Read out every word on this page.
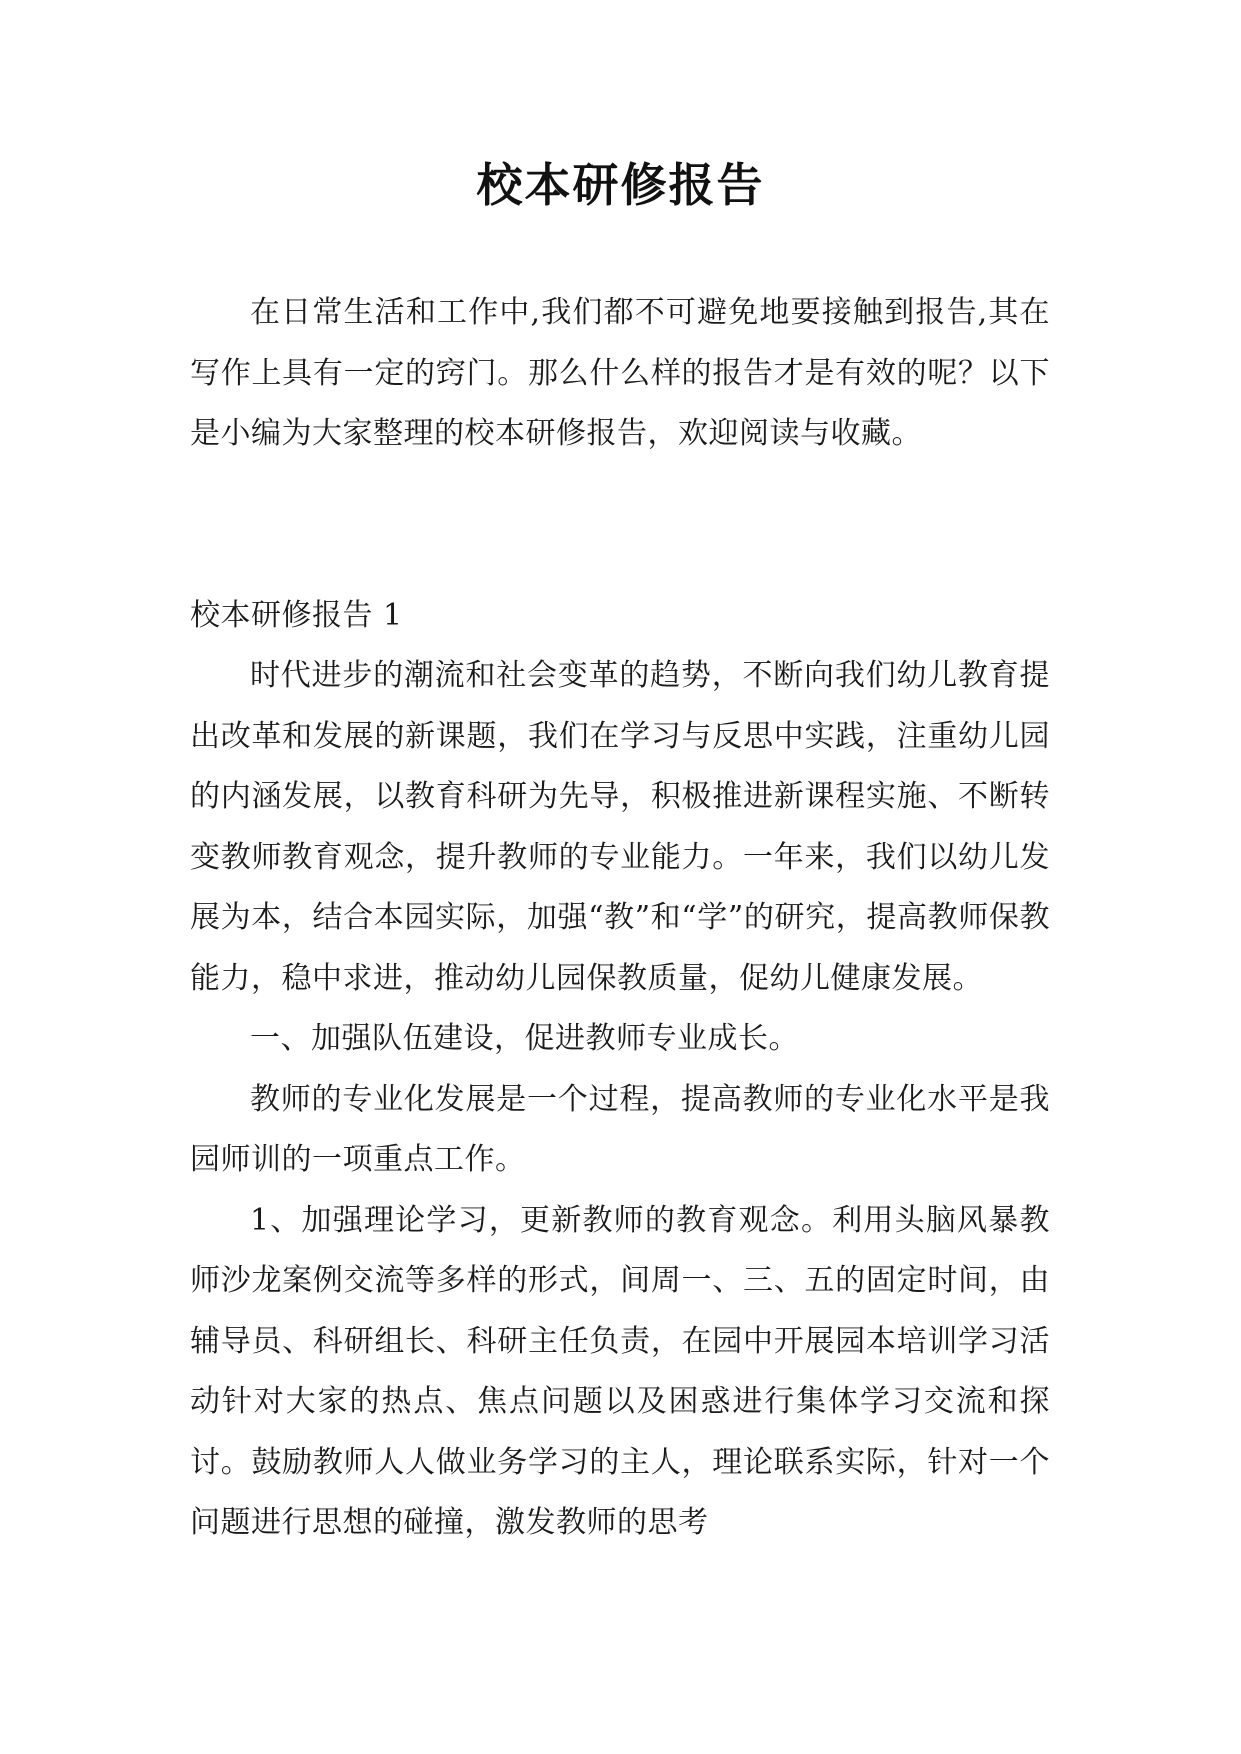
校本研修报告

在日常生活和工作中,我们都不可避免地要接触到报告,其在写作上具有一定的窍门。那么什么样的报告才是有效的呢？以下是小编为大家整理的校本研修报告，欢迎阅读与收藏。

校本研修报告 1

时代进步的潮流和社会变革的趋势，不断向我们幼儿教育提出改革和发展的新课题，我们在学习与反思中实践，注重幼儿园的内涵发展，以教育科研为先导，积极推进新课程实施、不断转变教师教育观念，提升教师的专业能力。一年来，我们以幼儿发展为本，结合本园实际，加强“教”和“学”的研究，提高教师保教能力，稳中求进，推动幼儿园保教质量，促幼儿健康发展。

一、加强队伍建设，促进教师专业成长。

教师的专业化发展是一个过程，提高教师的专业化水平是我园师训的一项重点工作。

1、加强理论学习，更新教师的教育观念。利用头脑风暴教师沙龙案例交流等多样的形式，间周一、三、五的固定时间，由辅导员、科研组长、科研主任负责，在园中开展园本培训学习活动针对大家的热点、焦点问题以及困惑进行集体学习交流和探讨。鼓励教师人人做业务学习的主人，理论联系实际，针对一个问题进行思想的碰撞，激发教师的思考
